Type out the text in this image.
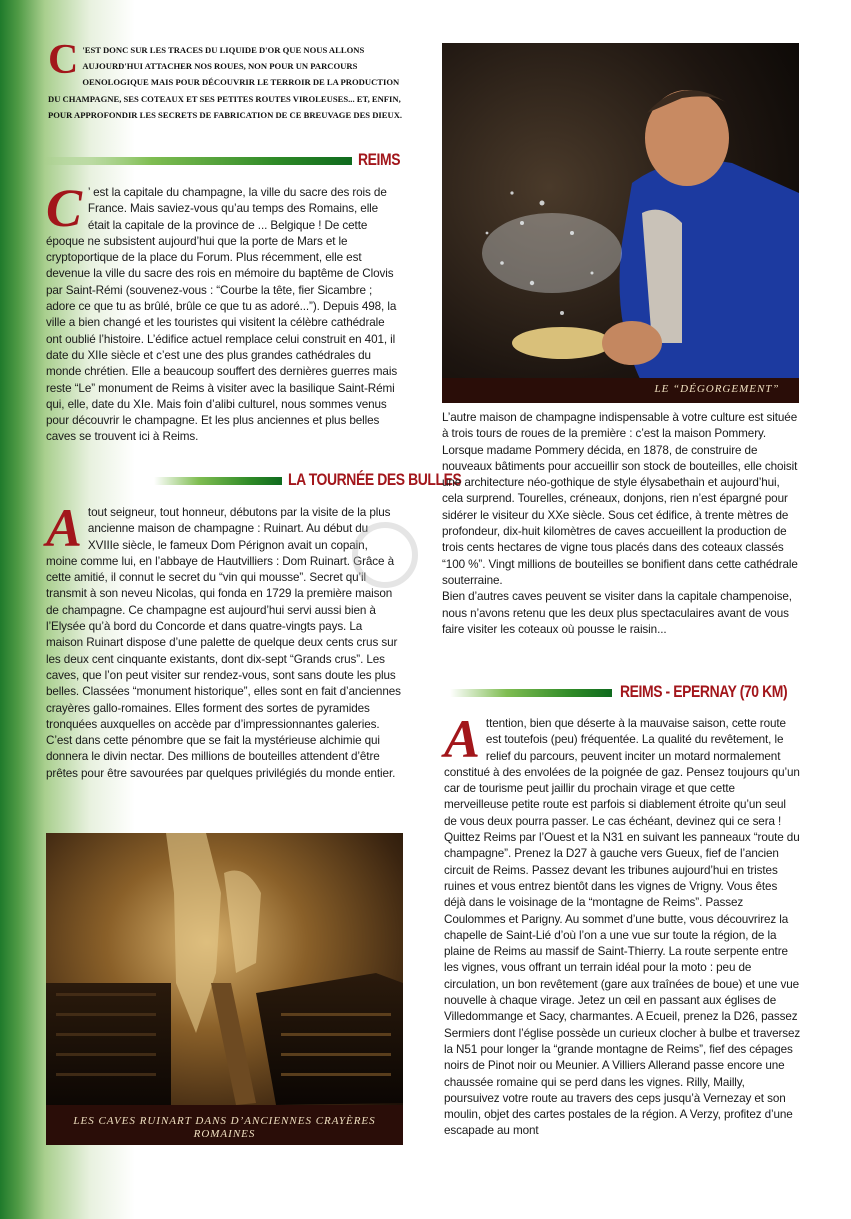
C 'EST DONC SUR LES TRACES DU LIQUIDE D'OR QUE NOUS ALLONS AUJOURD'HUI ATTACHER NOS ROUES, NON POUR UN PARCOURS OENOLOGIQUE MAIS POUR DÉCOUVRIR LE TERROIR DE LA PRODUCTION DU CHAMPAGNE, SES COTEAUX ET SES PETITES ROUTES VIROLEUSES... ET, ENFIN, POUR APPROFONDIR LES SECRETS DE FABRICATION DE CE BREUVAGE DES DIEUX.
REIMS
C ’ est la capitale du champagne, la ville du sacre des rois de France. Mais saviez-vous qu’au temps des Romains, elle était la capitale de la province de ... Belgique ! De cette époque ne subsistent aujourd’hui que la porte de Mars et le cryptoportique de la place du Forum. Plus récemment, elle est devenue la ville du sacre des rois en mémoire du baptême de Clovis par Saint-Rémi (souvenez-vous : “Courbe la tête, fier Sicambre ; adore ce que tu as brûlé, brûle ce que tu as adoré...”). Depuis 498, la ville a bien changé et les touristes qui visitent la célèbre cathédrale ont oublié l’histoire. L’édifice actuel remplace celui construit en 401, il date du XIIe siècle et c’est une des plus grandes cathédrales du monde chrétien. Elle a beaucoup souffert des dernières guerres mais reste “Le” monument de Reims à visiter avec la basilique Saint-Rémi qui, elle, date du XIe. Mais foin d’alibi culturel, nous sommes venus pour découvrir le champagne. Et les plus anciennes et plus belles caves se trouvent ici à Reims.
LA TOURNÉE DES BULLES
A tout seigneur, tout honneur, débutons par la visite de la plus ancienne maison de champagne : Ruinart. Au début du XVIIIe siècle, le fameux Dom Pérignon avait un copain, moine comme lui, en l’abbaye de Hautvilliers : Dom Ruinart. Grâce à cette amitié, il connut le secret du “vin qui mousse”. Secret qu’il transmit à son neveu Nicolas, qui fonda en 1729 la première maison de champagne. Ce champagne est aujourd’hui servi aussi bien à l’Elysée qu’à bord du Concorde et dans quatre-vingts pays. La maison Ruinart dispose d’une palette de quelque deux cents crus sur les deux cent cinquante existants, dont dix-sept “Grands crus”. Les caves, que l’on peut visiter sur rendez-vous, sont sans doute les plus belles. Classées “monument historique”, elles sont en fait d’anciennes crayères gallo-romaines. Elles forment des sortes de pyramides tronquées auxquelles on accède par d’impressionnantes galeries. C’est dans cette pénombre que se fait la mystérieuse alchimie qui donnera le divin nectar. Des millions de bouteilles attendent d’être prêtes pour être savourées par quelques privilégiés du monde entier.
LES CAVES RUINART DANS D’ANCIENNES CRAYÈRES ROMAINES
LE “DÉGORGEMENT”

L’autre maison de champagne indispensable à votre culture est située à trois tours de roues de la première : c’est la maison Pommery. Lorsque madame Pommery décida, en 1878, de construire de nouveaux bâtiments pour accueillir son stock de bouteilles, elle choisit une architecture néo-gothique de style élysabethain et aujourd’hui, cela surprend. Tourelles, créneaux, donjons, rien n’est épargné pour sidérer le visiteur du XXe siècle. Sous cet édifice, à trente mètres de profondeur, dix-huit kilomètres de caves accueillent la production de trois cents hectares de vigne tous placés dans des coteaux classés “100 %”. Vingt millions de bouteilles se bonifient dans cette cathédrale souterraine.

Bien d’autres caves peuvent se visiter dans la capitale champenoise, nous n’avons retenu que les deux plus spectaculaires avant de vous faire visiter les coteaux où pousse le raisin...

REIMS - EPERNAY (70 KM)
A ttention, bien que déserte à la mauvaise saison, cette route est toutefois (peu) fréquentée. La qualité du revêtement, le relief du parcours, peuvent inciter un motard normalement constitué à des envolées de la poignée de gaz. Pensez toujours qu’un car de tourisme peut jaillir du prochain virage et que cette merveilleuse petite route est parfois si diablement étroite qu’un seul de vous deux pourra passer. Le cas échéant, devinez qui ce sera ! Quittez Reims par l’Ouest et la N31 en suivant les panneaux “route du champagne”. Prenez la D27 à gauche vers Gueux, fief de l’ancien circuit de Reims. Passez devant les tribunes aujourd’hui en tristes ruines et vous entrez bientôt dans les vignes de Vrigny. Vous êtes déjà dans le voisinage de la “montagne de Reims”. Passez Coulommes et Parigny. Au sommet d’une butte, vous découvrirez la chapelle de Saint-Lié d’où l’on a une vue sur toute la région, de la plaine de Reims au massif de Saint-Thierry. La route serpente entre les vignes, vous offrant un terrain idéal pour la moto : peu de circulation, un bon revêtement (gare aux traînées de boue) et une vue nouvelle à chaque virage. Jetez un œil en passant aux églises de Villedommange et Sacy, charmantes. A Ecueil, prenez la D26, passez Sermiers dont l’église possède un curieux clocher à bulbe et traversez la N51 pour longer la “grande montagne de Reims”, fief des cépages noirs de Pinot noir ou Meunier. A Villiers Allerand passe encore une chaussée romaine qui se perd dans les vignes. Rilly, Mailly, poursuivez votre route au travers des ceps jusqu’à Vernezay et son moulin, objet des cartes postales de la région. A Verzy, profitez d’une escapade au mont
